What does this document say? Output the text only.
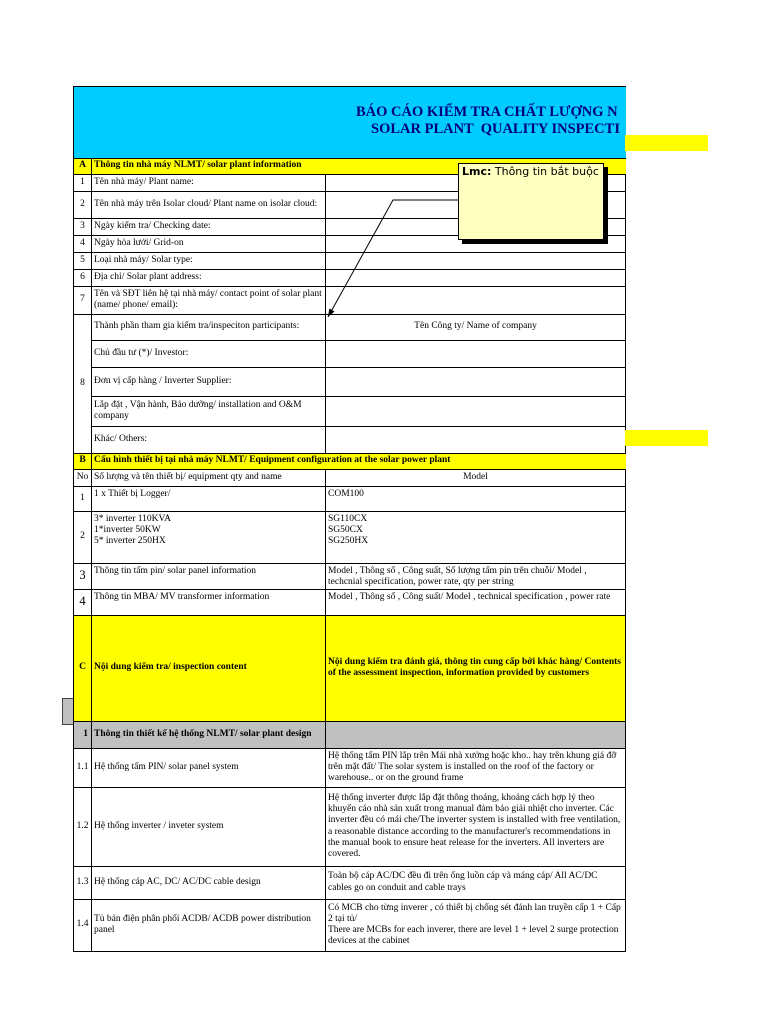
BÁO CÁO KIỂM TRA CHẤT LƯỢNG N

SOLAR PLANT  QUALITY INSPECTI		

A	Thông tin nhà máy NLMT/ solar plant information	
1	Tên nhà máy/ Plant name:	
2	Tên nhà máy trên Isolar cloud/ Plant name on isolar cloud:	
3	Ngày kiểm tra/ Checking date:	
4	Ngày hòa lưới/ Grid-on	
5	Loại nhà máy/ Solar type:	
6	Địa chỉ/ Solar plant address:	
7	Tên và SĐT liên hệ tại nhà máy/ contact point of solar plant (name/ phone/ email):	
8	Thành phần tham gia kiểm tra/inspeciton participants:	Tên Công ty/ Name of company
	Chủ đầu tư (*)/ Investor:	
	Đơn vị cấp hàng / Inverter Supplier:	
	Lắp đặt , Vận hành, Bảo dưỡng/ installation and O&M company	
	Khác/ Others:	
B	Cấu hình thiết bị tại nhà máy NLMT/ Equipment configuration at the solar power plant	
No	Số lượng và tên thiết bị/ equipment qty and name	Model
1	1 x Thiết bị Logger/	COM100
2	3* inverter 110KVA
1*inverter 50KW
5* inverter 250HX	SG110CX
SG50CX
SG250HX
3	Thông tin tấm pin/ solar panel information	Model , Thông số , Công suất, Số lượng tấm pin trên chuỗi/ Model , techcnial specification, power rate, qty per string
4	Thông tin MBA/ MV transformer information	Model , Thông số , Công suất/ Model , technical specification , power rate
C	Nội dung kiểm tra/ inspection content	Nội dung kiểm tra đánh giá, thông tin cung cấp bởi khác hàng/ Contents of the assessment inspection, information provided by customers
1	Thông tin thiết kế hệ thống NLMT/ solar plant design	
1.1	Hệ thống tấm PIN/ solar panel system	Hệ thống tấm PIN lắp trên Mái nhà xưởng hoặc kho.. hay trên khung giá đỡ trên mặt đất/ The solar system is installed on the roof of the factory or warehouse.. or on the ground frame
1.2	Hệ thống inverter / inveter system	Hệ thống inverter được lắp đặt thông thoáng, khoảng cách hợp lý theo khuyến cáo nhà sản xuất trong manual đảm bảo giải nhiệt cho inverter. Các inverter đều có mái che/The inverter system is installed with free ventilation, a reasonable distance according to the manufacturer's recommendations in the manual book to ensure heat release for the inverters. All inverters are covered.
1.3	Hệ thống cáp AC, DC/ AC/DC cable design	Toàn bộ cáp AC/DC đều đi trên ống luồn cáp và máng cáp/ All AC/DC cables go on conduit and cable trays
1.4	Tủ bản điện phân phối ACDB/ ACDB power distribution panel	Có MCB cho từng inverer , có thiết bị chống sét đánh lan truyền cấp 1 + Cấp 2 tại tủ/
There are MCBs for each inverer, there are level 1 + level 2 surge protection devices at the cabinet
Lmc: Thông tin bắt buộc
